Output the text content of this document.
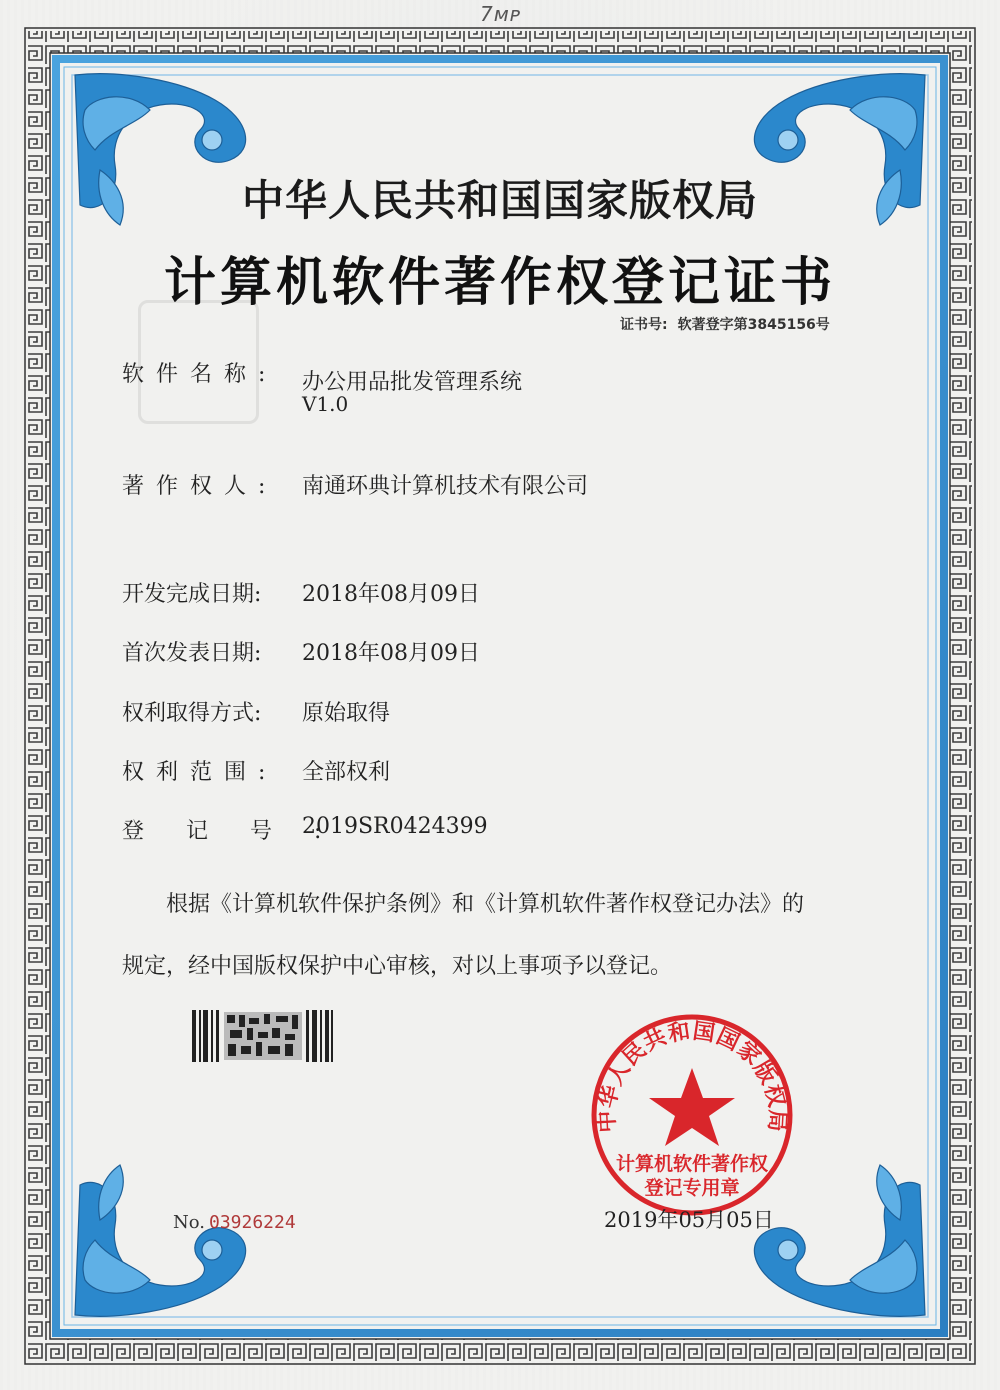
7ᴍᴘ
中华人民共和国国家版权局
计算机软件著作权登记证书
证书号: 软著登字第3845156号
软件名称:	办公用品批发管理系统
V1.0
著作权人:	南通环典计算机技术有限公司
开发完成日期:	2018年08月09日
首次发表日期:	2018年08月09日
权利取得方式:	原始取得
权利范围:	全部权利
登记号:
2019SR0424399

根据《计算机软件保护条例》和《计算机软件著作权登记办法》的

规定，经中国版权保护中心审核，对以上事项予以登记。

中华人民共和国国家版权局
计算机软件著作权
登记专用章
No. 03926224	2019年05月05日
